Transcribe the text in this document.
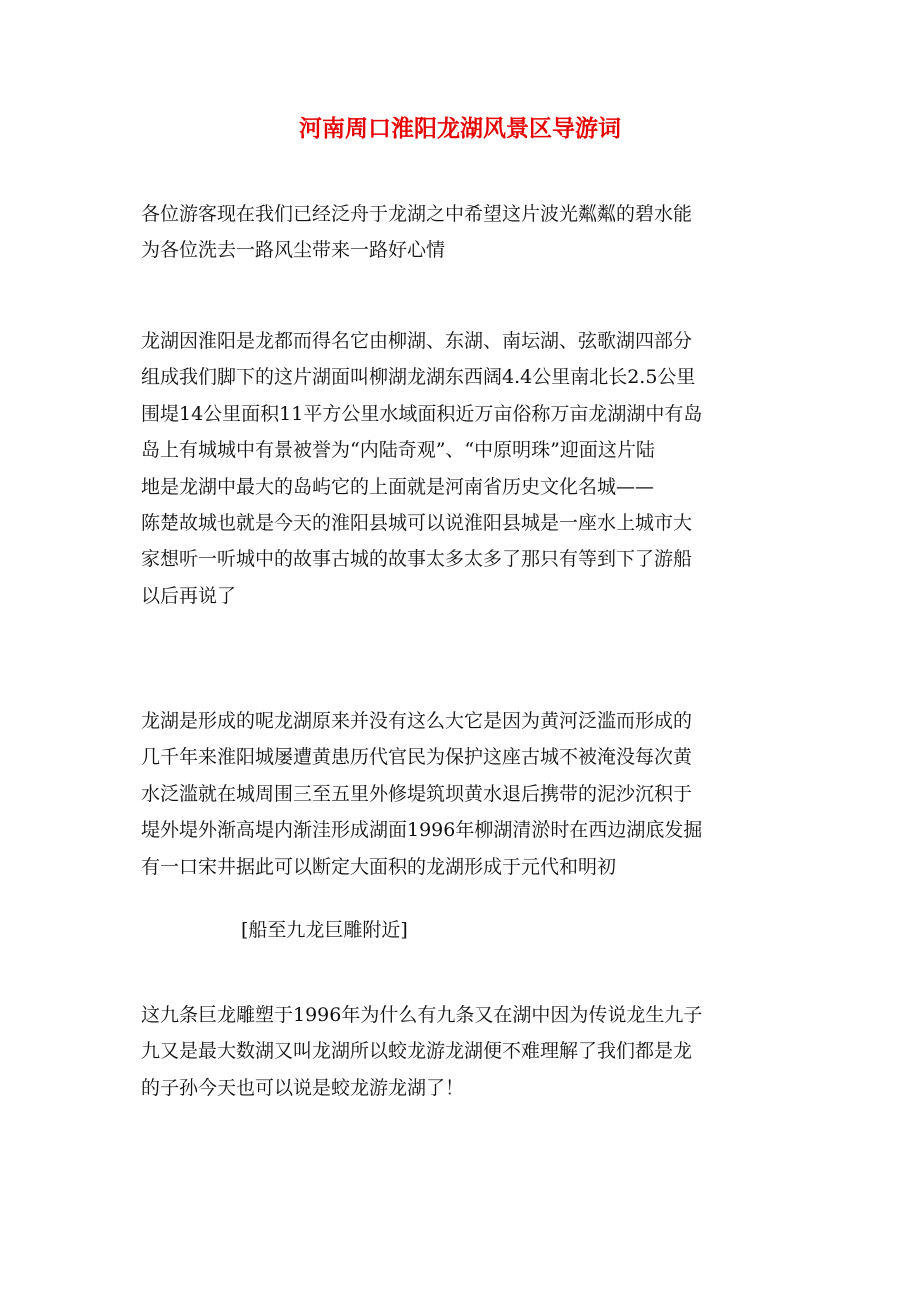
河南周口淮阳龙湖风景区导游词

各位游客现在我们已经泛舟于龙湖之中希望这片波光粼粼的碧水能
为各位洗去一路风尘带来一路好心情

龙湖因淮阳是龙都而得名它由柳湖、东湖、南坛湖、弦歌湖四部分
组成我们脚下的这片湖面叫柳湖龙湖东西阔4.4公里南北长2.5公里
围堤14公里面积11平方公里水域面积近万亩俗称万亩龙湖湖中有岛
岛上有城城中有景被誉为“内陆奇观”、“中原明珠”迎面这片陆
地是龙湖中最大的岛屿它的上面就是河南省历史文化名城——
陈楚故城也就是今天的淮阳县城可以说淮阳县城是一座水上城市大
家想听一听城中的故事古城的故事太多太多了那只有等到下了游船
以后再说了

龙湖是形成的呢龙湖原来并没有这么大它是因为黄河泛滥而形成的
几千年来淮阳城屡遭黄患历代官民为保护这座古城不被淹没每次黄
水泛滥就在城周围三至五里外修堤筑坝黄水退后携带的泥沙沉积于
堤外堤外渐高堤内渐洼形成湖面1996年柳湖清淤时在西边湖底发掘
有一口宋井据此可以断定大面积的龙湖形成于元代和明初

[船至九龙巨雕附近]

这九条巨龙雕塑于1996年为什么有九条又在湖中因为传说龙生九子
九又是最大数湖又叫龙湖所以蛟龙游龙湖便不难理解了我们都是龙
的子孙今天也可以说是蛟龙游龙湖了！
